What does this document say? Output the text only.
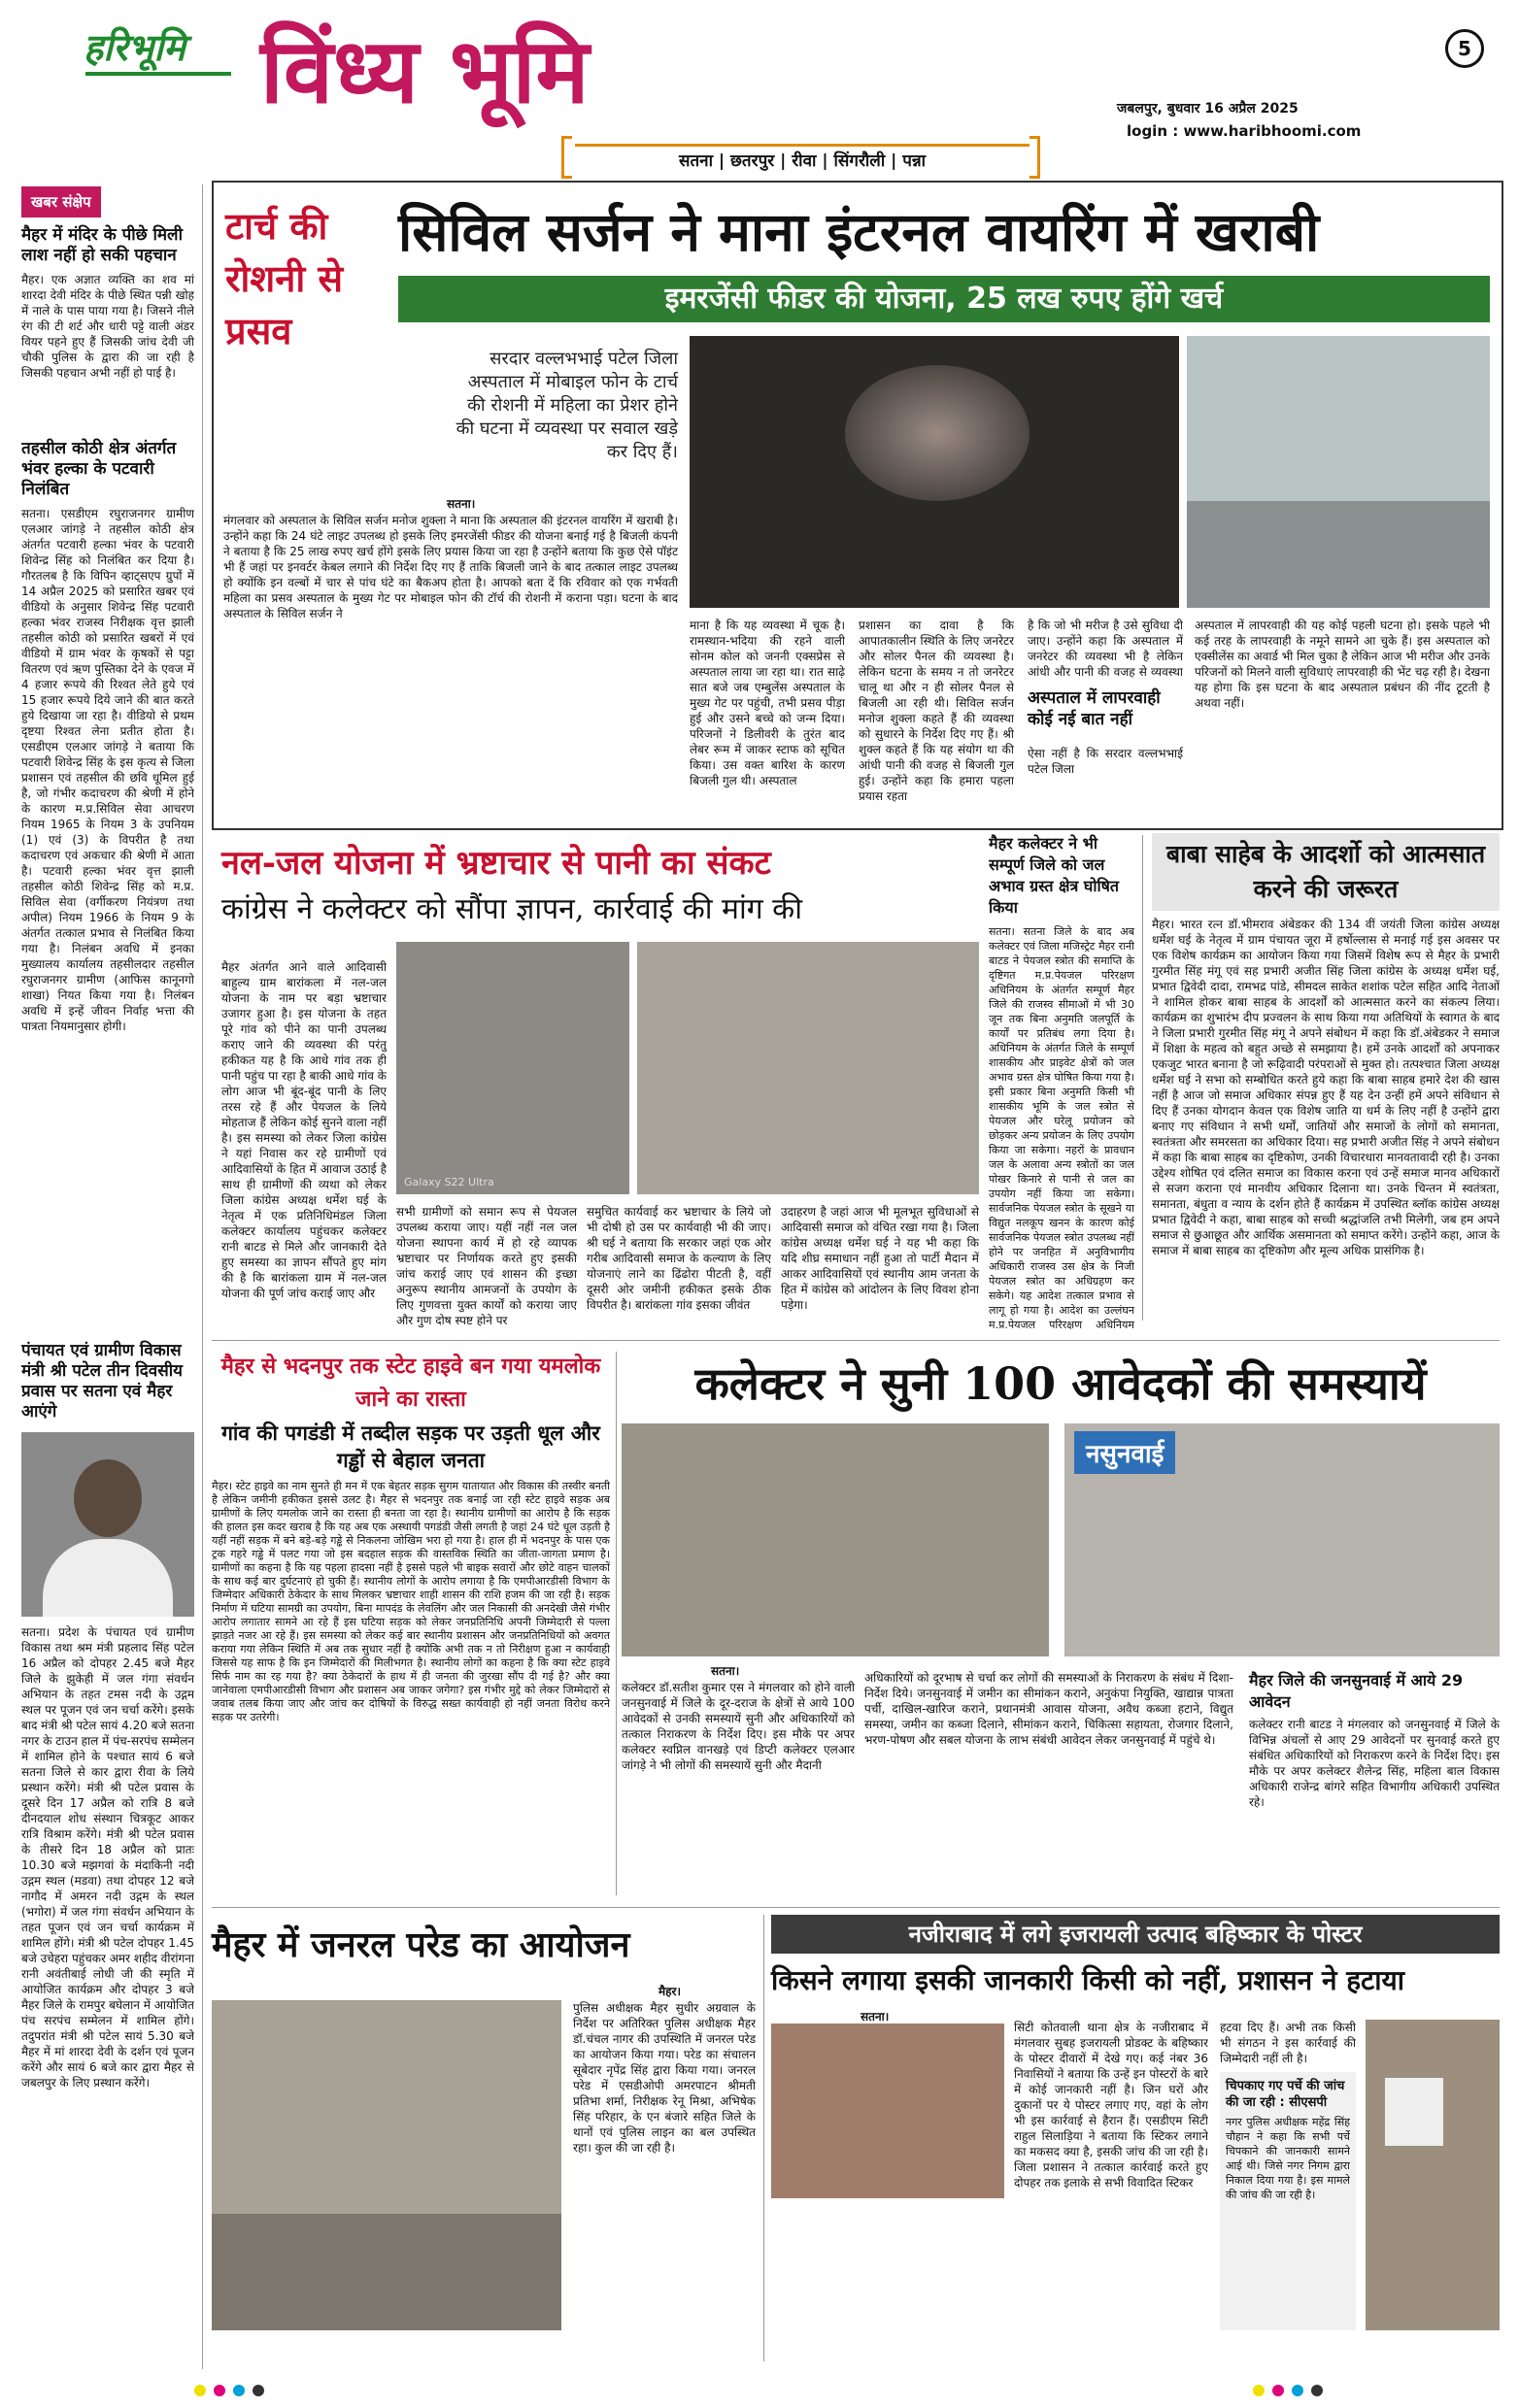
हरिभूमि विंध्य भूमि	5
जबलपुर, बुधवार 16 अप्रैल 2025
login : www.haribhoomi.com
सतना | छतरपुर | रीवा | सिंगरौली | पन्ना
खबर संक्षेप
मैहर में मंदिर के पीछे मिली लाश नहीं हो सकी पहचान
मैहर। एक अज्ञात व्यक्ति का शव मां शारदा देवी मंदिर के पीछे स्थित पन्नी खोह में नाले के पास पाया गया है। जिसने नीले रंग की टी शर्ट और धारी पट्टे वाली अंडर वियर पहने हुए हैं जिसकी जांच देवी जी चौकी पुलिस के द्वारा की जा रही है जिसकी पहचान अभी नहीं हो पाई है।
तहसील कोठी क्षेत्र अंतर्गत भंवर हल्का के पटवारी निलंबित
सतना। एसडीएम रघुराजनगर ग्रामीण एलआर जांगड़े ने तहसील कोठी क्षेत्र अंतर्गत पटवारी हल्का भंवर के पटवारी शिवेन्द्र सिंह को निलंबित कर दिया है। गौरतलब है कि विपिन व्हाट्सएप ग्रुपों में 14 अप्रैल 2025 को प्रसारित खबर एवं वीडियो के अनुसार शिवेन्द्र सिंह पटवारी हल्का भंवर राजस्व निरीक्षक वृत्त झाली तहसील कोठी को प्रसारित खबरों में एवं वीडियो में ग्राम भंवर के कृषकों से पट्टा वितरण एवं ऋण पुस्तिका देने के एवज में 4 हजार रूपये की रिश्वत लेते हुये एवं 15 हजार रूपये दिये जाने की बात करते हुये दिखाया जा रहा है। वीडियो से प्रथम दृष्टया रिश्वत लेना प्रतीत होता है। एसडीएम एलआर जांगड़े ने बताया कि पटवारी शिवेन्द्र सिंह के इस कृत्य से जिला प्रशासन एवं तहसील की छवि धूमिल हुई है, जो गंभीर कदाचरण की श्रेणी में होने के कारण म.प्र.सिविल सेवा आचरण नियम 1965 के नियम 3 के उपनियम (1) एवं (3) के विपरीत है तथा कदाचरण एवं अकचार की श्रेणी में आता है। पटवारी हल्का भंवर वृत्त झाली तहसील कोठी शिवेन्द्र सिंह को म.प्र. सिविल सेवा (वर्गीकरण नियंत्रण तथा अपील) नियम 1966 के नियम 9 के अंतर्गत तत्काल प्रभाव से निलंबित किया गया है। निलंबन अवधि में इनका मुख्यालय कार्यालय तहसीलदार तहसील रघुराजनगर ग्रामीण (आफिस कानूनगो शाखा) नियत किया गया है। निलंबन अवधि में इन्हें जीवन निर्वाह भत्ता की पात्रता नियमानुसार होगी।
पंचायत एवं ग्रामीण विकास मंत्री श्री पटेल तीन दिवसीय प्रवास पर सतना एवं मैहर आएंगे
सतना। प्रदेश के पंचायत एवं ग्रामीण विकास तथा श्रम मंत्री प्रहलाद सिंह पटेल 16 अप्रैल को दोपहर 2.45 बजे मैहर जिले के झुकेही में जल गंगा संवर्धन अभियान के तहत टमस नदी के उद्गम स्थल पर पूजन एवं जन चर्चा करेंगे। इसके बाद मंत्री श्री पटेल सायं 4.20 बजे सतना नगर के टाउन हाल में पंच-सरपंच सम्मेलन में शामिल होने के पश्चात सायं 6 बजे सतना जिले से कार द्वारा रीवा के लिये प्रस्थान करेंगे। मंत्री श्री पटेल प्रवास के दूसरे दिन 17 अप्रैल को रात्रि 8 बजे दीनदयाल शोध संस्थान चित्रकूट आकर रात्रि विश्राम करेंगे। मंत्री श्री पटेल प्रवास के तीसरे दिन 18 अप्रैल को प्रातः 10.30 बजे मझगवां के मंदाकिनी नदी उद्गम स्थल (मडवा) तथा दोपहर 12 बजे नागौद में अमरन नदी उद्गम के स्थल (भगोरा) में जल गंगा संवर्धन अभियान के तहत पूजन एवं जन चर्चा कार्यक्रम में शामिल होंगे। मंत्री श्री पटेल दोपहर 1.45 बजे उचेहरा पहुंचकर अमर शहीद वीरांगना रानी अवंतीबाई लोधी जी की स्मृति में आयोजित कार्यक्रम और दोपहर 3 बजे मैहर जिले के रामपुर बघेलान में आयोजित पंच सरपंच सम्मेलन में शामिल होंगे। तदुपरांत मंत्री श्री पटेल सायं 5.30 बजे मैहर में मां शारदा देवी के दर्शन एवं पूजन करेंगे और सायं 6 बजे कार द्वारा मैहर से जबलपुर के लिए प्रस्थान करेंगे।
टार्च की रोशनी से प्रसव
सिविल सर्जन ने माना इंटरनल वायरिंग में खराबी
इमरजेंसी फीडर की योजना, 25 लख रुपए होंगे खर्च
सरदार वल्लभभाई पटेल जिला अस्पताल में मोबाइल फोन के टार्च की रोशनी में महिला का प्रेशर होने की घटना में व्यवस्था पर सवाल खड़े कर दिए हैं।
सतना।
मंगलवार को अस्पताल के सिविल सर्जन मनोज शुक्ला ने माना कि अस्पताल की इंटरनल वायरिंग में खराबी है। उन्होंने कहा कि 24 घंटे लाइट उपलब्ध हो इसके लिए इमरजेंसी फीडर की योजना बनाई गई है बिजली कंपनी ने बताया है कि 25 लाख रुपए खर्च होंगे इसके लिए प्रयास किया जा रहा है उन्होंने बताया कि कुछ ऐसे पॉइंट भी हैं जहां पर इनवर्टर केबल लगाने की निर्देश दिए गए हैं ताकि बिजली जाने के बाद तत्काल लाइट उपलब्ध हो क्योंकि इन वल्बों में चार से पांच घंटे का बैकअप होता है। आपको बता दें कि रविवार को एक गर्भवती महिला का प्रसव अस्पताल के मुख्य गेट पर मोबाइल फोन की टॉर्च की रोशनी में कराना पड़ा। घटना के बाद अस्पताल के सिविल सर्जन ने
माना है कि यह व्यवस्था में चूक है। रामस्थान-भदिया की रहने वाली सोनम कोल को जननी एक्सप्रेस से अस्पताल लाया जा रहा था। रात साढ़े सात बजे जब एम्बुलेंस अस्पताल के मुख्य गेट पर पहुंची, तभी प्रसव पीड़ा हुई और उसने बच्चे को जन्म दिया। परिजनों ने डिलीवरी के तुरंत बाद लेबर रूम में जाकर स्टाफ को सूचित किया। उस वक्त बारिश के कारण बिजली गुल थी। अस्पताल
प्रशासन का दावा है कि आपातकालीन स्थिति के लिए जनरेटर और सोलर पैनल की व्यवस्था है। लेकिन घटना के समय न तो जनरेटर चालू था और न ही सोलर पैनल से बिजली आ रही थी। सिविल सर्जन मनोज शुक्ला कहते हैं की व्यवस्था को सुधारने के निर्देश दिए गए हैं। श्री शुक्ल कहते हैं कि यह संयोग था की आंधी पानी की वजह से बिजली गुल हुई। उन्होंने कहा कि हमारा पहला प्रयास रहता
है कि जो भी मरीज है उसे सुविधा दी जाए। उन्होंने कहा कि अस्पताल में जनरेटर की व्यवस्था भी है लेकिन आंधी और पानी की वजह से व्यवस्था
अस्पताल में लापरवाही कोई नई बात नहीं
ऐसा नहीं है कि सरदार वल्लभभाई पटेल जिला
अस्पताल में लापरवाही की यह कोई पहली घटना हो। इसके पहले भी कई तरह के लापरवाही के नमूने सामने आ चुके हैं। इस अस्पताल को एक्सीलेंस का अवार्ड भी मिल चुका है लेकिन आज भी मरीज और उनके परिजनों को मिलने वाली सुविधाएं लापरवाही की भेंट चढ़ रही है। देखना यह होगा कि इस घटना के बाद अस्पताल प्रबंधन की नींद टूटती है अथवा नहीं।
नल-जल योजना में भ्रष्टाचार से पानी का संकट
कांग्रेस ने कलेक्टर को सौंपा ज्ञापन, कार्रवाई की मांग की
मैहर अंतर्गत आने वाले आदिवासी बाहुल्य ग्राम बारांकला में नल-जल योजना के नाम पर बड़ा भ्रष्टाचार उजागर हुआ है। इस योजना के तहत पूरे गांव को पीने का पानी उपलब्ध कराए जाने की व्यवस्था की परंतु हकीकत यह है कि आधे गांव तक ही पानी पहुंच पा रहा है बाकी आधे गांव के लोग आज भी बूंद-बूंद पानी के लिए तरस रहे हैं और पेयजल के लिये मोहताज हैं लेकिन कोई सुनने वाला नहीं है। इस समस्या को लेकर जिला कांग्रेस ने यहां निवास कर रहे ग्रामीणों एवं आदिवासियों के हित में आवाज उठाई है साथ ही ग्रामीणों की व्यथा को लेकर जिला कांग्रेस अध्यक्ष धर्मेश घई के नेतृत्व में एक प्रतिनिधिमंडल जिला कलेक्टर कार्यालय पहुंचकर कलेक्टर रानी बाटड से मिले और जानकारी देते हुए समस्या का ज्ञापन सौंपते हुए मांग की है कि बारांकला ग्राम में नल-जल योजना की पूर्ण जांच कराई जाए और
Galaxy S22 Ultra
सभी ग्रामीणों को समान रूप से पेयजल उपलब्ध कराया जाए। यहीं नहीं नल जल योजना स्थापना कार्य में हो रहे व्यापक भ्रष्टाचार पर निर्णायक करते हुए इसकी जांच कराई जाए एवं शासन की इच्छा अनुरूप स्थानीय आमजनों के उपयोग के लिए गुणवत्ता युक्त कार्यों को कराया जाए और गुण दोष स्पष्ट होने पर
समुचित कार्यवाई कर भ्रष्टाचार के लिये जो भी दोषी हो उस पर कार्यवाही भी की जाए। श्री घई ने बताया कि सरकार जहां एक ओर गरीब आदिवासी समाज के कल्याण के लिए योजनाएं लाने का ढिंढोरा पीटती है, वहीं दूसरी ओर जमीनी हकीकत इसके ठीक विपरीत है। बारांकला गांव इसका जीवंत
उदाहरण है जहां आज भी मूलभूत सुविधाओं से आदिवासी समाज को वंचित रखा गया है। जिला कांग्रेस अध्यक्ष धर्मेश घई ने यह भी कहा कि यदि शीघ्र समाधान नहीं हुआ तो पार्टी मैदान में आकर आदिवासियों एवं स्थानीय आम जनता के हित में कांग्रेस को आंदोलन के लिए विवश होना पड़ेगा।
मैहर कलेक्टर ने भी सम्पूर्ण जिले को जल अभाव ग्रस्त क्षेत्र घोषित किया
सतना। सतना जिले के बाद अब कलेक्टर एवं जिला मजिस्ट्रेट मैहर रानी बाटड ने पेयजल स्त्रोत की समाप्ति के दृष्टिगत म.प्र.पेयजल परिरक्षण अधिनियम के अंतर्गत सम्पूर्ण मैहर जिले की राजस्व सीमाओं में भी 30 जून तक बिना अनुमति जलपूर्ति के कार्यों पर प्रतिबंध लगा दिया है। अधिनियम के अंतर्गत जिले के सम्पूर्ण शासकीय और प्राइवेट क्षेत्रों को जल अभाव ग्रस्त क्षेत्र घोषित किया गया है। इसी प्रकार बिना अनुमति किसी भी शासकीय भूमि के जल स्त्रोत से पेयजल और घरेलू प्रयोजन को छोड़कर अन्य प्रयोजन के लिए उपयोग किया जा सकेगा। नहरों के प्रावधान जल के अलावा अन्य स्त्रोतों का जल पोखर किनारे से पानी से जल का उपयोग नहीं किया जा सकेगा। सार्वजनिक पेयजल स्त्रोत के सूखने या विद्युत नलकूप खनन के कारण कोई सार्वजनिक पेयजल स्त्रोत उपलब्ध नहीं होने पर जनहित में अनुविभागीय अधिकारी राजस्व उस क्षेत्र के निजी पेयजल स्त्रोत का अधिग्रहण कर सकेगे। यह आदेश तत्काल प्रभाव से लागू हो गया है। आदेश का उल्लंघन म.प्र.पेयजल परिरक्षण अधिनियम
बाबा साहेब के आदर्शो को आत्मसात करने की जरूरत
मैहर। भारत रत्न डॉ.भीमराव अंबेडकर की 134 वीं जयंती जिला कांग्रेस अध्यक्ष धर्मेश घई के नेतृत्व में ग्राम पंचायत जूरा में हर्षोल्लास से मनाई गई इस अवसर पर एक विशेष कार्यक्रम का आयोजन किया गया जिसमें विशेष रूप से मैहर के प्रभारी गुरमीत सिंह मंगू एवं सह प्रभारी अजीत सिंह जिला कांग्रेस के अध्यक्ष धर्मेश घई, प्रभात द्विवेदी दादा, रामभद्र पांडे, सीमदल साकेत शशांक पटेल सहित आदि नेताओं ने शामिल होकर बाबा साहब के आदर्शों को आत्मसात करने का संकल्प लिया। कार्यक्रम का शुभारंभ दीप प्रज्वलन के साथ किया गया अतिथियों के स्वागत के बाद ने जिला प्रभारी गुरमीत सिंह मंगू ने अपने संबोधन में कहा कि डॉ.अंबेडकर ने समाज में शिक्षा के महत्व को बहुत अच्छे से समझाया है। हमें उनके आदर्शों को अपनाकर एकजुट भारत बनाना है जो रूढ़िवादी परंपराओं से मुक्त हो। तत्पश्चात जिला अध्यक्ष धर्मेश घई ने सभा को सम्बोधित करते हुये कहा कि बाबा साहब हमारे देश की खास नहीं है आज जो समाज अधिकार संपन्न हुए हैं यह देन उन्हीं हमें अपने संविधान से दिए हैं उनका योगदान केवल एक विशेष जाति या धर्म के लिए नहीं है उन्होंने द्वारा बनाए गए संविधान ने सभी धर्मों, जातियों और समाजों के लोगों को समानता, स्वतंत्रता और समरसता का अधिकार दिया। सह प्रभारी अजीत सिंह ने अपने संबोधन में कहा कि बाबा साहब का दृष्टिकोण, उनकी विचारधारा मानवतावादी रही है। उनका उद्देश्य शोषित एवं दलित समाज का विकास करना एवं उन्हें समाज मानव अधिकारों से सजग कराना एवं मानवीय अधिकार दिलाना था। उनके चिन्तन में स्वतंत्रता, समानता, बंधुता व न्याय के दर्शन होते हैं कार्यक्रम में उपस्थित ब्लॉक कांग्रेस अध्यक्ष प्रभात द्विवेदी ने कहा, बाबा साहब को सच्ची श्रद्धांजलि तभी मिलेगी, जब हम अपने समाज से छुआछूत और आर्थिक असमानता को समाप्त करेंगे। उन्होंने कहा, आज के समाज में बाबा साहब का दृष्टिकोण और मूल्य अधिक प्रासंगिक है।
मैहर से भदनपुर तक स्टेट हाइवे बन गया यमलोक जाने का रास्ता
गांव की पगडंडी में तब्दील सड़क पर उड़ती धूल और गड्ढों से बेहाल जनता
मैहर। स्टेट हाइवे का नाम सुनते ही मन में एक बेहतर सड़क सुगम यातायात और विकास की तस्वीर बनती है लेकिन जमीनी हकीकत इससे उलट है। मैहर से भदनपुर तक बनाई जा रही स्टेट हाइवे सड़क अब ग्रामीणों के लिए यमलोक जाने का रास्ता ही बनता जा रहा है। स्थानीय ग्रामीणों का आरोप है कि सड़क की हालत इस कदर खराब है कि यह अब एक अस्थायी पगडंडी जैसी लगती है जहां 24 घंटे धूल उड़ती है यहीं नहीं सड़क में बने बड़े-बड़े गड्ढे से निकलना जोखिम भरा हो गया है। हाल ही में भदनपुर के पास एक ट्रक गहरे गड्ढे में पलट गया जो इस बदहाल सड़क की वास्तविक स्थिति का जीता-जागता प्रमाण है। ग्रामीणों का कहना है कि यह पहला हादसा नहीं है इससे पहले भी बाइक सवारों और छोटे वाहन चालकों के साथ कई बार दुर्घटनाएं हो चुकी हैं। स्थानीय लोगों के आरोप लगाया है कि एमपीआरडीसी विभाग के जिम्मेदार अधिकारी ठेकेदार के साथ मिलकर भ्रष्टाचार शाही शासन की राशि हजम की जा रही है। सड़क निर्माण में घटिया सामग्री का उपयोग, बिना मापदंड के लेवलिंग और जल निकासी की अनदेखी जैसे गंभीर आरोप लगातार सामने आ रहे हैं इस घटिया सड़क को लेकर जनप्रतिनिधि अपनी जिम्मेदारी से पल्ला झाड़ते नजर आ रहे हैं। इस समस्या को लेकर कई बार स्थानीय प्रशासन और जनप्रतिनिधियों को अवगत कराया गया लेकिन स्थिति में अब तक सुधार नहीं है क्योंकि अभी तक न तो निरीक्षण हुआ न कार्यवाही जिससे यह साफ है कि इन जिम्मेदारों की मिलीभगत है। स्थानीय लोगों का कहना है कि क्या स्टेट हाइवे सिर्फ नाम का रह गया है? क्या ठेकेदारों के हाथ में ही जनता की जुरखा सौंप दी गई है? और क्या जानेवाला एमपीआरडीसी विभाग और प्रशासन अब जाकर जगेगा? इस गंभीर मुद्दे को लेकर जिम्मेदारों से जवाब तलब किया जाए और जांच कर दोषियों के विरुद्ध सख्त कार्यवाही हो नहीं जनता विरोध करने सड़क पर उतरेगी।
कलेक्टर ने सुनी 100 आवेदकों की समस्यायें
नसुनवाई
सतना।
कलेक्टर डॉ.सतीश कुमार एस ने मंगलवार को होने वाली जनसुनवाई में जिले के दूर-दराज के क्षेत्रों से आये 100 आवेदकों से उनकी समस्यायें सुनी और अधिकारियों को तत्काल निराकरण के निर्देश दिए। इस मौके पर अपर कलेक्टर स्वप्निल वानखड़े एवं डिप्टी कलेक्टर एलआर जांगड़े ने भी लोगों की समस्यायें सुनी और मैदानी
अधिकारियों को दूरभाष से चर्चा कर लोगों की समस्याओं के निराकरण के संबंध में दिशा-निर्देश दिये। जनसुनवाई में जमीन का सीमांकन कराने, अनुकंपा नियुक्ति, खाद्यान्न पात्रता पर्ची, दाखिल-खारिज कराने, प्रधानमंत्री आवास योजना, अवैध कब्जा हटाने, विद्युत समस्या, जमीन का कब्जा दिलाने, सीमांकन कराने, चिकित्सा सहायता, रोजगार दिलाने, भरण-पोषण और सबल योजना के लाभ संबंधी आवेदन लेकर जनसुनवाई में पहुंचे थे।
मैहर जिले की जनसुनवाई में आये 29 आवेदन
कलेक्टर रानी बाटड ने मंगलवार को जनसुनवाई में जिले के विभिन्न अंचलों से आए 29 आवेदनों पर सुनवाई करते हुए संबंधित अधिकारियों को निराकरण करने के निर्देश दिए। इस मौके पर अपर कलेक्टर शैलेन्द्र सिंह, महिला बाल विकास अधिकारी राजेन्द्र बांगरे सहित विभागीय अधिकारी उपस्थित रहे।
मैहर में जनरल परेड का आयोजन
मैहर।
पुलिस अधीक्षक मैहर सुधीर अग्रवाल के निर्देश पर अतिरिक्त पुलिस अधीक्षक मैहर डॉ.चंचल नागर की उपस्थिति में जनरल परेड का आयोजन किया गया। परेड का संचालन सूबेदार नृपेंद्र सिंह द्वारा किया गया। जनरल परेड में एसडीओपी अमरपाटन श्रीमती प्रतिभा शर्मा, निरीक्षक रेनू मिश्रा, अभिषेक सिंह परिहार, के एन बंजारे सहित जिले के थानों एवं पुलिस लाइन का बल उपस्थित रहा। कुल की जा रही है।
नजीराबाद में लगे इजरायली उत्पाद बहिष्कार के पोस्टर
किसने लगाया इसकी जानकारी किसी को नहीं, प्रशासन ने हटाया
सतना।
सिटी कोतवाली थाना क्षेत्र के नजीराबाद में मंगलवार सुबह इजरायली प्रोडक्ट के बहिष्कार के पोस्टर दीवारों में देखे गए। कई नंबर 36 निवासियों ने बताया कि उन्हें इन पोस्टरों के बारे में कोई जानकारी नहीं है। जिन घरों और दुकानों पर ये पोस्टर लगाए गए, वहां के लोग भी इस कार्रवाई से हैरान हैं। एसडीएम सिटी राहुल सिलाड़िया ने बताया कि स्टिकर लगाने का मकसद क्या है, इसकी जांच की जा रही है। जिला प्रशासन ने तत्काल कार्रवाई करते हुए दोपहर तक इलाके से सभी विवादित स्टिकर
हटवा दिए हैं। अभी तक किसी भी संगठन ने इस कार्रवाई की जिम्मेदारी नहीं ली है।
चिपकाए गए पर्चे की जांच की जा रही : सीएसपी
नगर पुलिस अधीक्षक महेंद्र सिंह चौहान ने कहा कि सभी पर्चे चिपकाने की जानकारी सामने आई थी। जिसे नगर निगम द्वारा निकाल दिया गया है। इस मामले की जांच की जा रही है।
